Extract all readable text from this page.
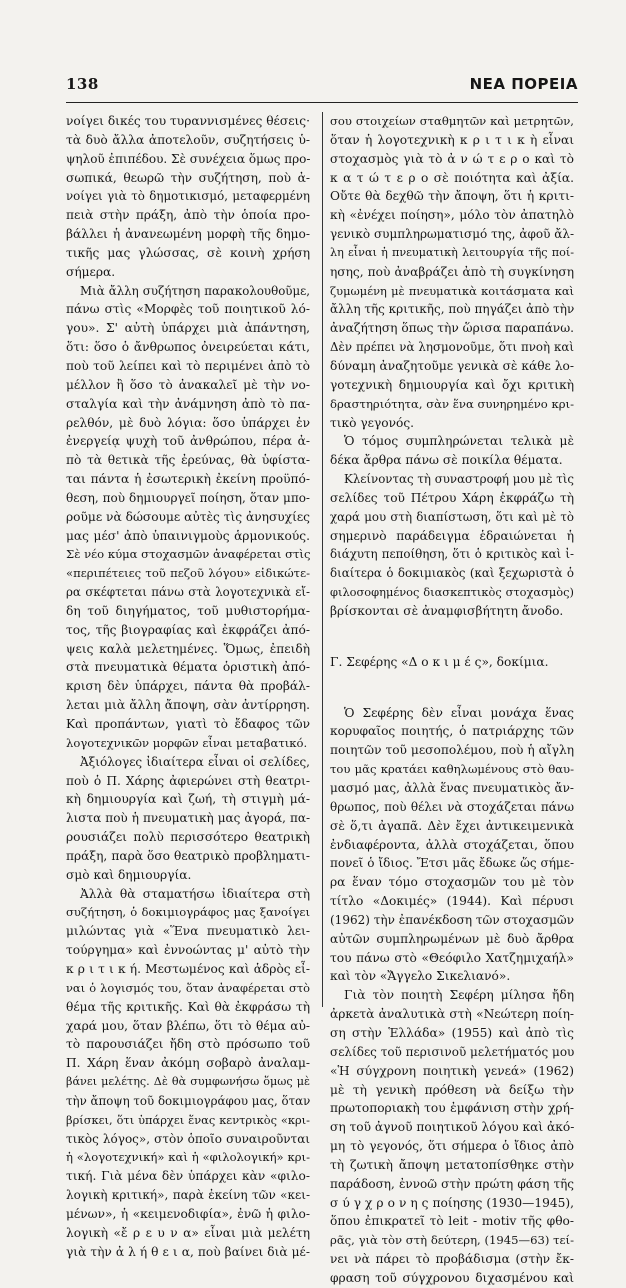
138	ΝΕΑ ΠΟΡΕΙΑ
νοίγει δικές του τυραννισμένες θέσεις·
τὰ δυὸ ἄλλα ἀποτελοῦν, συζητήσεις ὑ-
ψηλοῦ ἐπιπέδου. Σὲ συνέχεια ὅμως προ-
σωπικά, θεωρῶ τὴν συζήτηση, ποὺ ἀ-
νοίγει γιὰ τὸ δημοτικισμό, μεταφερμένη
πειὰ στὴν πράξη, ἀπὸ τὴν ὁποία προ-
βάλλει ἡ ἀνανεωμένη μορφὴ τῆς δημο-
τικῆς μας γλώσσας, σὲ κοινὴ χρήση
σήμερα.
Μιὰ ἄλλη συζήτηση παρακολουθοῦμε,
πάνω στὶς «Μορφὲς τοῦ ποιητικοῦ λό-
γου». Σ' αὐτὴ ὑπάρχει μιὰ ἀπάντηση,
ὅτι: ὅσο ὁ ἄνθρωπος ὀνειρεύεται κάτι,
ποὺ τοῦ λείπει καὶ τὸ περιμένει ἀπὸ τὸ
μέλλον ἢ ὅσο τὸ ἀνακαλεῖ μὲ τὴν νο-
σταλγία καὶ τὴν ἀνάμνηση ἀπὸ τὸ πα-
ρελθόν, μὲ δυὸ λόγια: ὅσο ὑπάρχει ἐν
ἐνεργείᾳ ψυχὴ τοῦ ἀνθρώπου, πέρα ἀ-
πὸ τὰ θετικὰ τῆς ἐρεύνας, θὰ ὑφίστα-
ται πάντα ἡ ἐσωτερικὴ ἐκείνη προϋπό-
θεση, ποὺ δημιουργεῖ ποίηση, ὅταν μπο-
ροῦμε νὰ δώσουμε αὐτὲς τὶς ἀνησυχίες
μας μέσ' ἀπὸ ὑπαινιγμοὺς ἁρμονικούς.
Σὲ νέο κύμα στοχασμῶν ἀναφέρεται στὶς
«περιπέτειες τοῦ πεζοῦ λόγου» εἰδικώτε-
ρα σκέφτεται πάνω στὰ λογοτεχνικὰ εἴ-
δη τοῦ διηγήματος, τοῦ μυθιστορήμα-
τος, τῆς βιογραφίας καὶ ἐκφράζει ἀπό-
ψεις καλὰ μελετημένες. Ὅμως, ἐπειδὴ
στὰ πνευματικὰ θέματα ὁριστικὴ ἀπό-
κριση δὲν ὑπάρχει, πάντα θὰ προβάλ-
λεται μιὰ ἄλλη ἄποψη, σὰν ἀντίρρηση.
Καὶ προπάντων, γιατὶ τὸ ἔδαφος τῶν
λογοτεχνικῶν μορφῶν εἶναι μεταβατικό.
Ἀξιόλογες ἰδιαίτερα εἶναι οἱ σελίδες,
ποὺ ὁ Π. Χάρης ἀφιερώνει στὴ θεατρι-
κὴ δημιουργία καὶ ζωή, τὴ στιγμὴ μά-
λιστα ποὺ ἡ πνευματικὴ μας ἀγορά, πα-
ρουσιάζει πολὺ περισσότερο θεατρικὴ
πράξη, παρὰ ὅσο θεατρικὸ προβληματι-
σμὸ καὶ δημιουργία.
Ἀλλὰ θὰ σταματήσω ἰδιαίτερα στὴ
συζήτηση, ὁ δοκιμιογράφος μας ξανοίγει
μιλώντας γιὰ «Ἕνα πνευματικὸ λει-
τούργημα» καὶ ἐννοώντας μ' αὐτὸ τὴν
κ ρ ι τ ι κ ή. Μεστωμένος καὶ ἁδρὸς εἶ-
ναι ὁ λογισμός του, ὅταν ἀναφέρεται στὸ
θέμα τῆς κριτικῆς. Καὶ θὰ ἐκφράσω τὴ
χαρά μου, ὅταν βλέπω, ὅτι τὸ θέμα αὐ-
τὸ παρουσιάζει ἤδη στὸ πρόσωπο τοῦ
Π. Χάρη ἕναν ἀκόμη σοβαρὸ ἀναλαμ-
βάνει μελέτης. Δὲ θὰ συμφωνήσω ὅμως μὲ
τὴν ἄποψη τοῦ δοκιμιογράφου μας, ὅταν
βρίσκει, ὅτι ὑπάρχει ἕνας κεντρικὸς «κρι-
τικὸς λόγος», στὸν ὁποῖο συναιροῦνται
ἡ «λογοτεχνική» καὶ ἡ «φιλολογική» κρι-
τική. Γιὰ μένα δὲν ὑπάρχει κὰν «φιλο-
λογικὴ κριτική», παρὰ ἐκείνη τῶν «κει-
μένων», ἡ «κειμενοδιφία», ἐνῶ ἡ φιλο-
λογικὴ «ἔ ρ ε υ ν α» εἶναι μιὰ μελέτη
γιὰ τὴν ἀ λ ή θ ε ι α, ποὺ βαίνει διὰ μέ-
σου στοιχείων σταθμητῶν καὶ μετρητῶν,
ὅταν ἡ λογοτεχνικὴ κ ρ ι τ ι κ ὴ εἶναι
στοχασμὸς γιὰ τὸ ἀ ν ώ τ ε ρ ο καὶ τὸ
κ α τ ώ τ ε ρ ο σὲ ποιότητα καὶ ἀξία.
Οὔτε θὰ δεχθῶ τὴν ἄποψη, ὅτι ἡ κριτι-
κὴ «ἐνέχει ποίηση», μόλο τὸν ἀπατηλὸ
γενικὸ συμπληρωματισμό της, ἀφοῦ ἄλ-
λη εἶναι ἡ πνευματικὴ λειτουργία τῆς ποί-
ησης, ποὺ ἀναβράζει ἀπὸ τὴ συγκίνηση
ζυμωμένη μὲ πνευματικὰ κοιτάσματα καὶ
ἄλλη τῆς κριτικῆς, ποὺ πηγάζει ἀπὸ τὴν
ἀναζήτηση ὅπως τὴν ὥρισα παραπάνω.
Δὲν πρέπει νὰ λησμονοῦμε, ὅτι πνοὴ καὶ
δύναμη ἀναζητοῦμε γενικὰ σὲ κάθε λο-
γοτεχνικὴ δημιουργία καὶ ὄχι κριτικὴ
δραστηριότητα, σὰν ἕνα συνηρημένο κρι-
τικὸ γεγονός.
Ὁ τόμος συμπληρώνεται τελικὰ μὲ
δέκα ἄρθρα πάνω σὲ ποικίλα θέματα.
Κλείνοντας τὴ συναστροφή μου μὲ τὶς
σελίδες τοῦ Πέτρου Χάρη ἐκφράζω τὴ
χαρά μου στὴ διαπίστωση, ὅτι καὶ μὲ τὸ
σημερινὸ παράδειγμα ἑδραιώνεται ἡ
διάχυτη πεποίθηση, ὅτι ὁ κριτικὸς καὶ ἰ-
διαίτερα ὁ δοκιμιακὸς (καὶ ξεχωριστὰ ὁ
φιλοσοφημένος διασκεπτικὸς στοχασμὸς)
βρίσκονται σὲ ἀναμφισβήτητη ἄνοδο.
Γ. Σεφέρης «Δ ο κ ι μ έ ς», δοκίμια.
Ὁ Σεφέρης δὲν εἶναι μονάχα ἕνας
κορυφαῖος ποιητής, ὁ πατριάρχης τῶν
ποιητῶν τοῦ μεσοπολέμου, ποὺ ἡ αἴγλη
του μᾶς κρατάει καθηλωμένους στὸ θαυ-
μασμό μας, ἀλλὰ ἕνας πνευματικὸς ἄν-
θρωπος, ποὺ θέλει νὰ στοχάζεται πάνω
σὲ ὅ,τι ἀγαπᾶ. Δὲν ἔχει ἀντικειμενικὰ
ἐνδιαφέροντα, ἀλλὰ στοχάζεται, ὅπου
πονεῖ ὁ ἴδιος. Ἔτσι μᾶς ἔδωκε ὥς σήμε-
ρα ἕναν τόμο στοχασμῶν του μὲ τὸν
τίτλο «Δοκιμές» (1944). Καὶ πέρυσι
(1962) τὴν ἐπανέκδοση τῶν στοχασμῶν
αὐτῶν συμπληρωμένων μὲ δυὸ ἄρθρα
του πάνω στὸ «Θεόφιλο Χατζημιχαήλ»
καὶ τὸν «Ἄγγελο Σικελιανό».
Γιὰ τὸν ποιητὴ Σεφέρη μίλησα ἤδη
ἀρκετὰ ἀναλυτικὰ στὴ «Νεώτερη ποίη-
ση στὴν Ἑλλάδα» (1955) καὶ ἀπὸ τὶς
σελίδες τοῦ περισινοῦ μελετήματός μου
«Ἡ σύγχρονη ποιητικὴ γενεά» (1962)
μὲ τὴ γενικὴ πρόθεση νὰ δείξω τὴν
πρωτοποριακὴ του ἐμφάνιση στὴν χρή-
ση τοῦ ἀγνοῦ ποιητικοῦ λόγου καὶ ἀκό-
μη τὸ γεγονός, ὅτι σήμερα ὁ ἴδιος ἀπὸ
τὴ ζωτικὴ ἄποψη μετατοπίσθηκε στὴν
παράδοση, ἐννοῶ στὴν πρώτη φάση τῆς
σ ύ γ χ ρ ο ν η ς ποίησης (1930—1945),
ὅπου ἐπικρατεῖ τὸ leit - motiv τῆς φθο-
ρᾶς, γιὰ τὸν στὴ δεύτερη, (1945—63) τεί-
νει νὰ πάρει τὸ προβάδισμα (στὴν ἔκ-
φραση τοῦ σύγχρονου διχασμένου καὶ
